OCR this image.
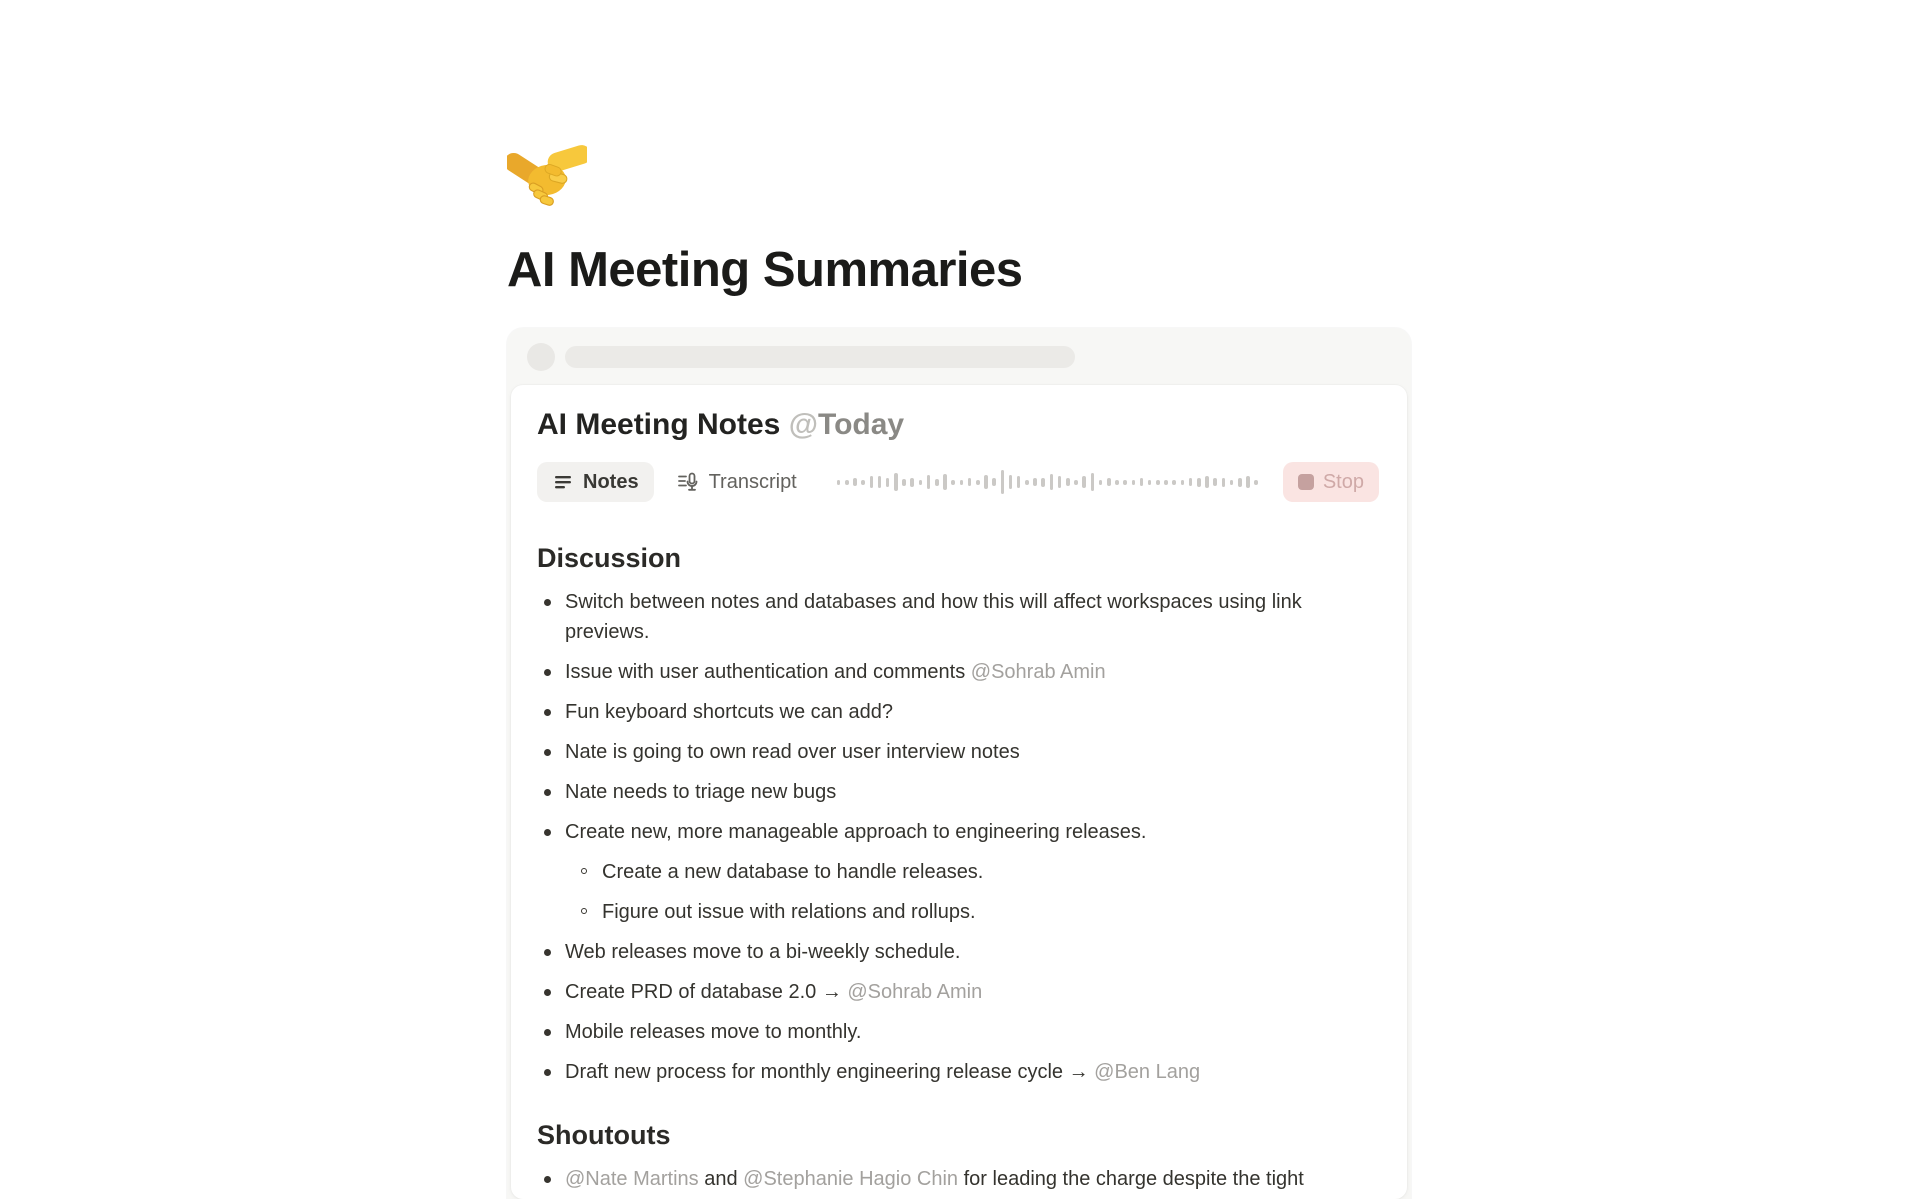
AI Meeting Summaries
AI Meeting Notes @Today
Notes	Transcript	Stop
Discussion
Switch between notes and databases and how this will affect workspaces using link previews.
Issue with user authentication and comments @Sohrab Amin
Fun keyboard shortcuts we can add?
Nate is going to own read over user interview notes
Nate needs to triage new bugs
Create new, more manageable approach to engineering releases.
Create a new database to handle releases.
Figure out issue with relations and rollups.
Web releases move to a bi-weekly schedule.
Create PRD of database 2.0 → @Sohrab Amin
Mobile releases move to monthly.
Draft new process for monthly engineering release cycle → @Ben Lang
Shoutouts
@Nate Martins and @Stephanie Hagio Chin for leading the charge despite the tight
